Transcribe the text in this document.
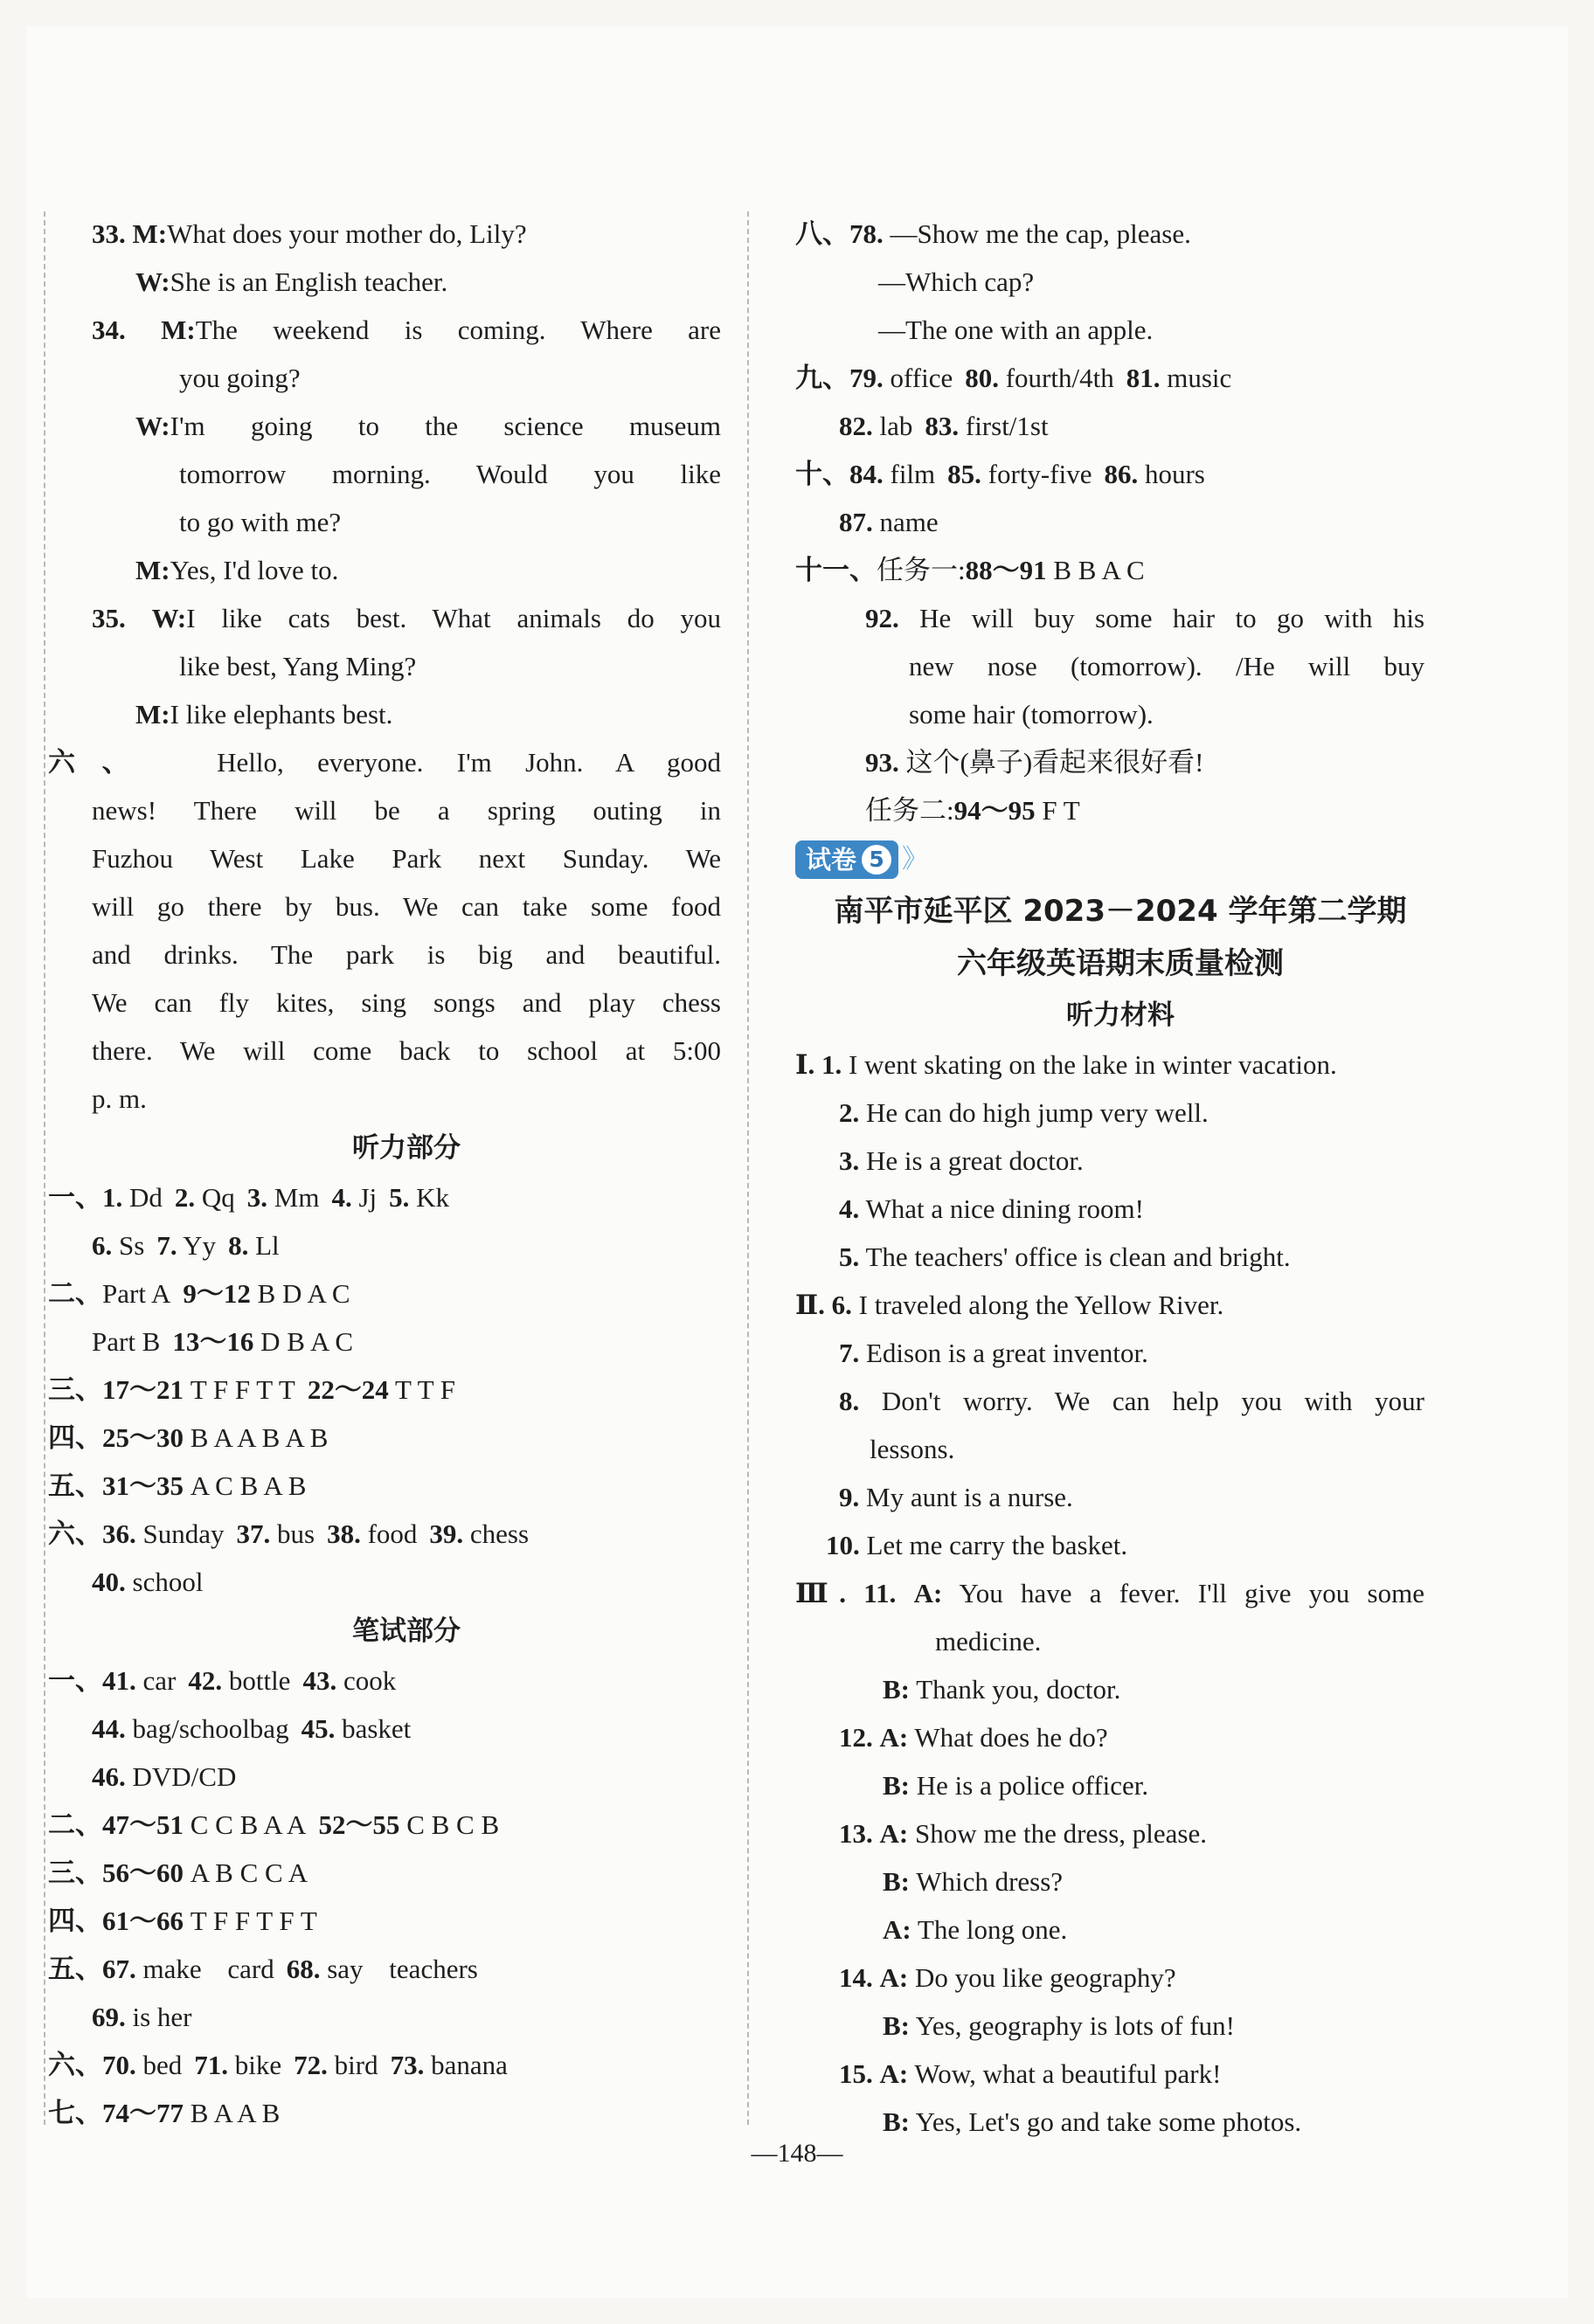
33. M:What does your mother do, Lily?
W:She is an English teacher.
34. M:The weekend is coming. Where are
you going?
W:I'm going to the science museum
tomorrow morning. Would you like
to go with me?
M:Yes, I'd love to.
35. W:I like cats best. What animals do you
like best, Yang Ming?
M:I like elephants best.
六、 Hello, everyone. I'm John. A good
news! There will be a spring outing in
Fuzhou West Lake Park next Sunday. We
will go there by bus. We can take some food
and drinks. The park is big and beautiful.
We can fly kites, sing songs and play chess
there. We will come back to school at 5:00
p. m.
听力部分
一、1. Dd 2. Qq 3. Mm 4. Jj 5. Kk
6. Ss 7. Yy 8. Ll
二、Part A 9～12 B D A C
Part B 13～16 D B A C
三、17～21 T F F T T 22～24 T T F
四、25～30 B A A B A B
五、31～35 A C B A B
六、36. Sunday 37. bus 38. food 39. chess
40. school
笔试部分
一、41. car 42. bottle 43. cook
44. bag/schoolbag 45. basket
46. DVD/CD
二、47～51 C C B A A 52～55 C B C B
三、56～60 A B C C A
四、61～66 T F F T F T
五、67. make card 68. say teachers
69. is her
六、70. bed 71. bike 72. bird 73. banana
七、74～77 B A A B
八、78. —Show me the cap, please.
—Which cap?
—The one with an apple.
九、79. office 80. fourth/4th 81. music
82. lab 83. first/1st
十、84. film 85. forty-five 86. hours
87. name
十一、任务一:88～91 B B A C
92. He will buy some hair to go with his
new nose (tomorrow). /He will buy
some hair (tomorrow).
93. 这个(鼻子)看起来很好看!
任务二:94～95 F T
试卷 5 》
南平市延平区 2023－2024 学年第二学期
六年级英语期末质量检测
听力材料
Ⅰ. 1. I went skating on the lake in winter vacation.
2. He can do high jump very well.
3. He is a great doctor.
4. What a nice dining room!
5. The teachers' office is clean and bright.
Ⅱ. 6. I traveled along the Yellow River.
7. Edison is a great inventor.
8. Don't worry. We can help you with your
lessons.
9. My aunt is a nurse.
10. Let me carry the basket.
Ⅲ. 11. A: You have a fever. I'll give you some
medicine.
B: Thank you, doctor.
12. A: What does he do?
B: He is a police officer.
13. A: Show me the dress, please.
B: Which dress?
A: The long one.
14. A: Do you like geography?
B: Yes, geography is lots of fun!
15. A: Wow, what a beautiful park!
B: Yes, Let's go and take some photos.
—148—
